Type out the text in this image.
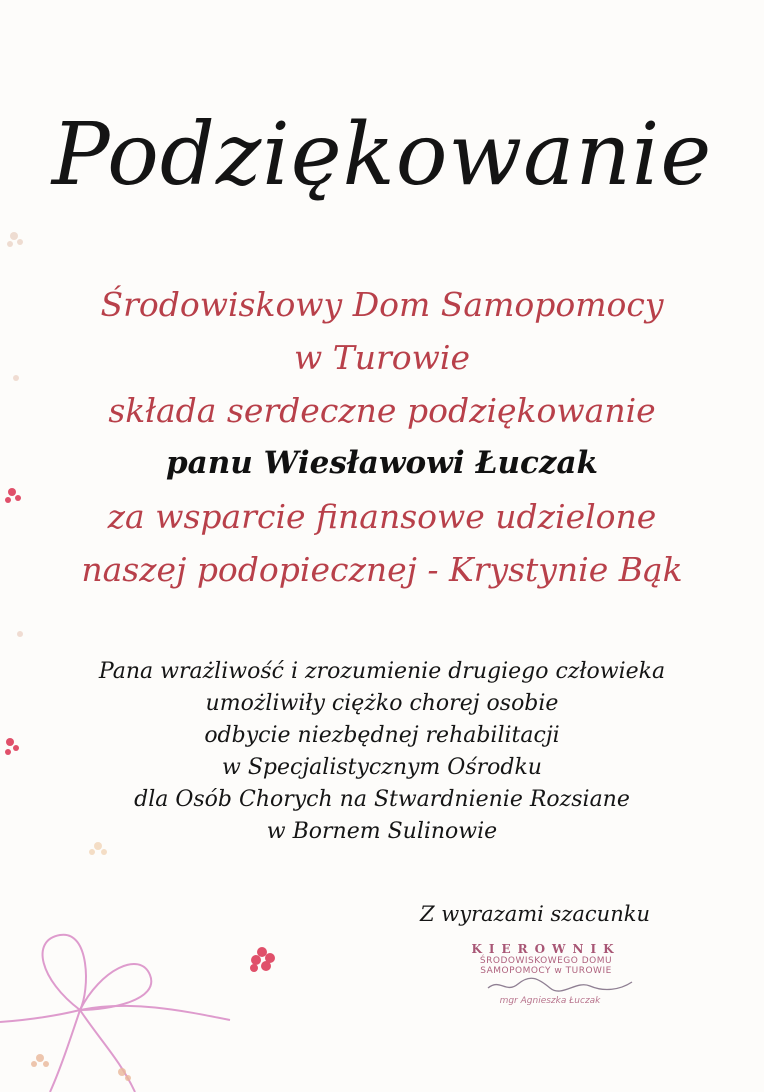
Podziękowanie
Środowiskowy Dom Samopomocy
w Turowie
składa serdeczne podziękowanie
panu Wiesławowi Łuczak
za wsparcie finansowe udzielone
naszej podopiecznej - Krystynie Bąk
Pana wrażliwość i zrozumienie drugiego człowieka
umożliwiły ciężko chorej osobie
odbycie niezbędnej rehabilitacji
w Specjalistycznym Ośrodku
dla Osób Chorych na Stwardnienie Rozsiane
w Bornem Sulinowie
Z wyrazami szacunku
KIEROWNIK
ŚRODOWISKOWEGO DOMU
SAMOPOMOCY w TUROWIE
mgr Agnieszka Łuczak
